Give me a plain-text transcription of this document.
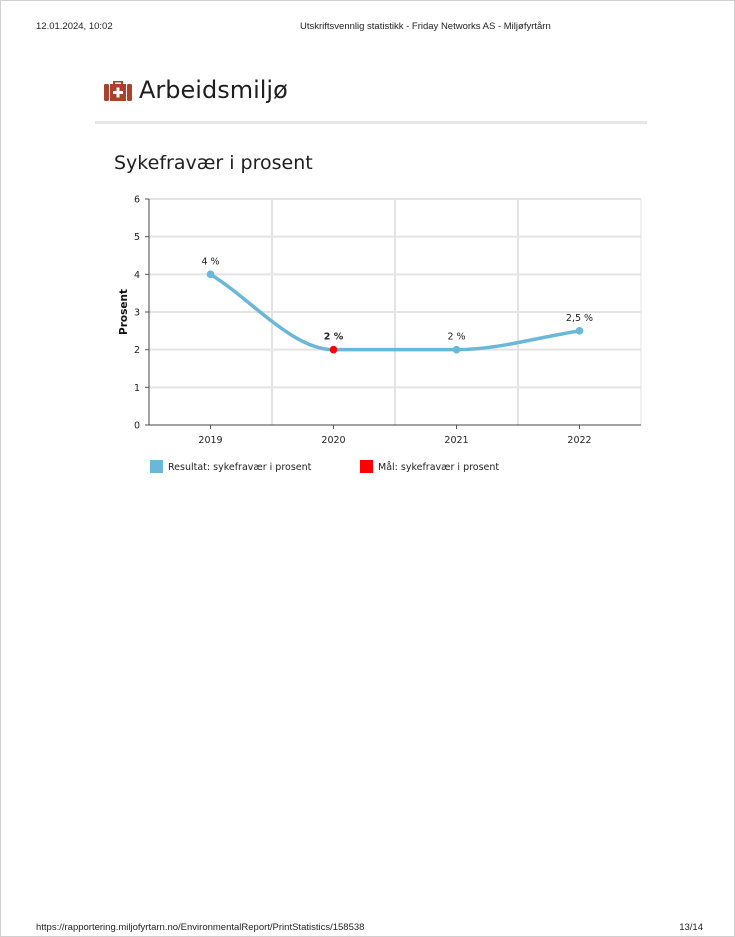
12.01.2024, 10:02	Utskriftsvennlig statistikk - Friday Networks AS - Miljøfyrtårn
Arbeidsmiljø
Sykefravær i prosent
0
1
2
3
4
5
6
2019	2020	2021	2022
Prosent
4 %
2 %	2 %
2,5 %
Resultat: sykefravær i prosent	Mål: sykefravær i prosent
https://rapportering.miljofyrtarn.no/EnvironmentalReport/PrintStatistics/158538	13/14
